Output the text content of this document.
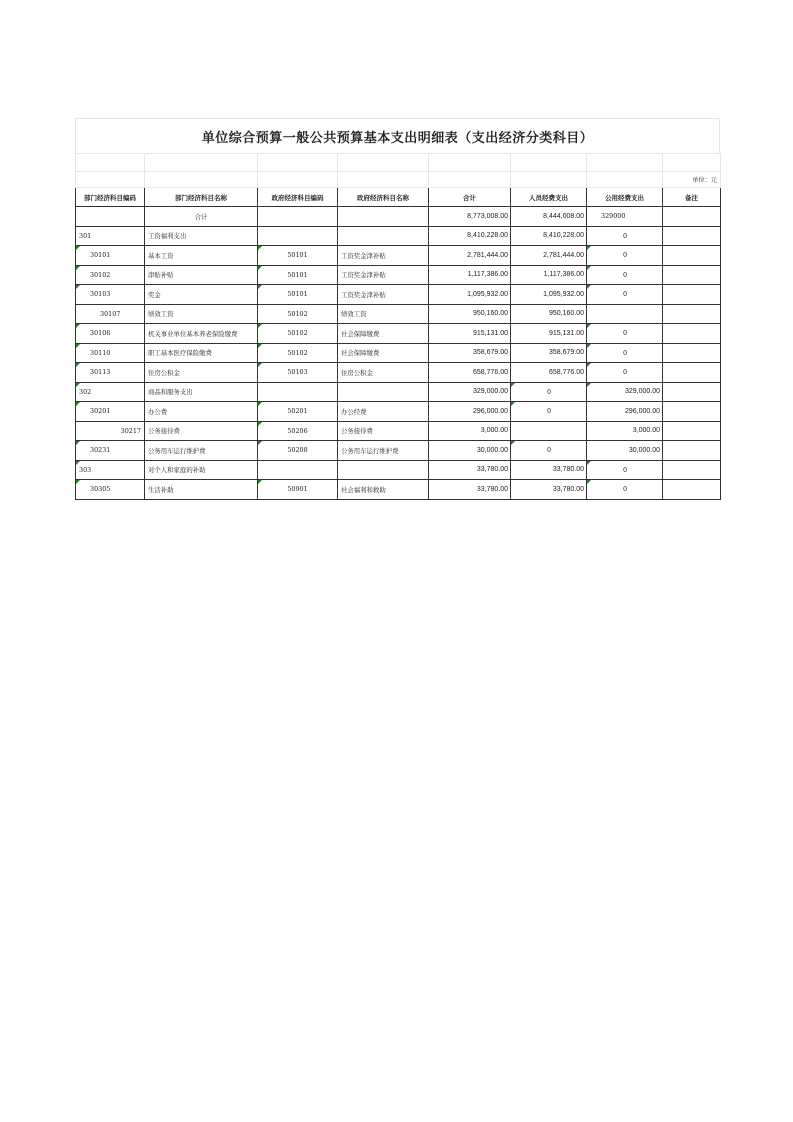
单位综合预算一般公共预算基本支出明细表（支出经济分类科目）

							单位：元
部门经济科目编码	部门经济科目名称	政府经济科目编码	政府经济科目名称	合计	人员经费支出	公用经费支出	备注
	合计			8,773,008.00	8,444,008.00	329000	
301	工资福利支出			8,410,228.00	8,410,228.00	0	
30101	基本工资	50101	工资奖金津补贴	2,781,444.00	2,781,444.00	0	
30102	津贴补贴	50101	工资奖金津补贴	1,117,386.00	1,117,386.00	0	
30103	奖金	50101	工资奖金津补贴	1,095,932.00	1,095,932.00	0	
30107	绩效工资	50102	绩效工资	950,160.00	950,160.00		
30108	机关事业单位基本养老保险缴费	50102	社会保障缴费	915,131.00	915,131.00	0	
30110	职工基本医疗保险缴费	50102	社会保障缴费	358,679.00	358,679.00	0	
30113	住房公积金	50103	住房公积金	658,776.00	658,776.00	0	
302	商品和服务支出			329,000.00	0	329,000.00	
30201	办公费	50201	办公经费	296,000.00	0	296,000.00	
30217	公务接待费	50206	公务接待费	3,000.00		3,000.00	
30231	公务用车运行维护费	50208	公务用车运行维护费	30,000.00	0	30,000.00	
303	对个人和家庭的补助			33,780.00	33,780.00	0	
30305	生活补助	50901	社会福利和救助	33,780.00	33,780.00	0	
